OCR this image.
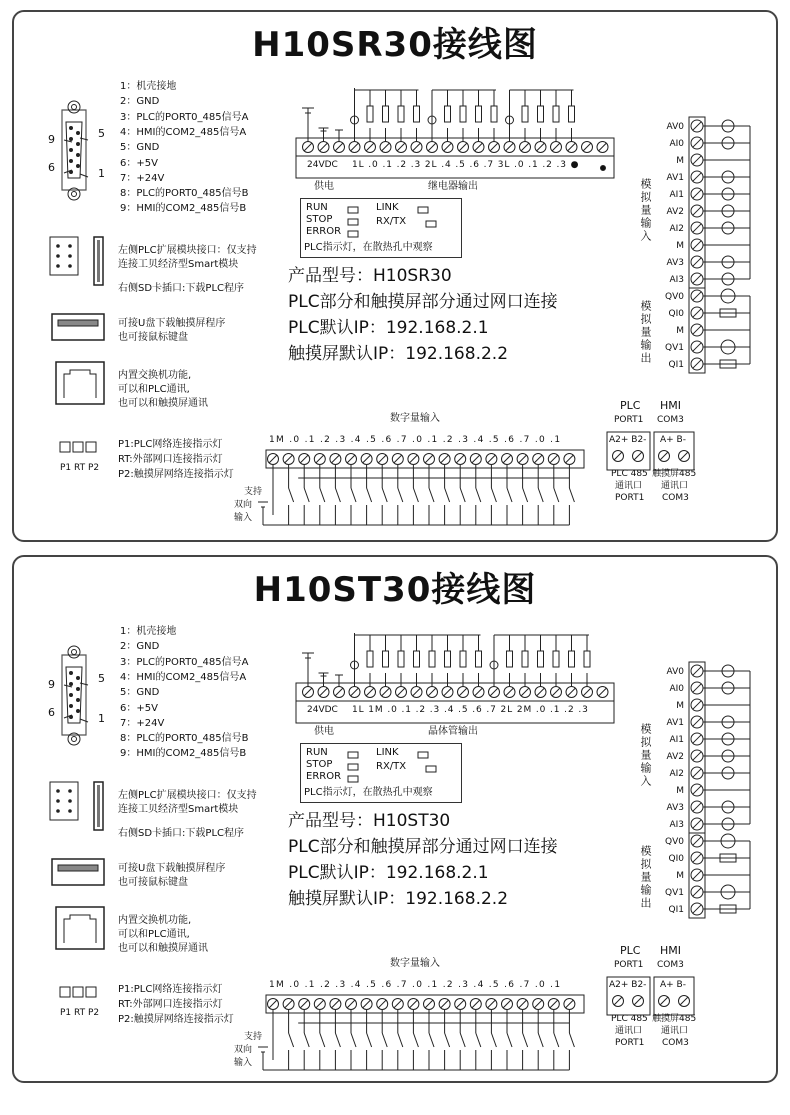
H10SR30接线图
1：机壳接地
2：GND
3：PLC的PORT0_485信号A
4：HMI的COM2_485信号A
5：GND
6：+5V
7：+24V
8：PLC的PORT0_485信号B
9：HMI的COM2_485信号B
9	5
6	1
24VDC 1L .0 .1 .2 .3 2L .4 .5 .6 .7 3L .0 .1 .2 .3 ●
供电	继电器输出
RUN
STOP
ERROR
LINK
RX/TX
PLC指示灯，在散热孔中观察
产品型号：H10SR30
PLC部分和触摸屏部分通过网口连接
PLC默认IP：192.168.2.1
触摸屏默认IP：192.168.2.2
左侧PLC扩展模块接口：仅支持
连接工贝经济型Smart模块
右侧SD卡插口:下载PLC程序
可接U盘下载触摸屏程序
也可接鼠标键盘
内置交换机功能,
可以和PLC通讯,
也可以和触摸屏通讯
P1 RT P2
P1:PLC网络连接指示灯
RT:外部网口连接指示灯
P2:触摸屏网络连接指示灯
数字量输入
1M .0 .1 .2 .3 .4 .5 .6 .7 .0 .1 .2 .3 .4 .5 .6 .7 .0 .1
支持
双向
输入
PLC
PORT1
HMI
COM3
A2+ B2- A+ B-
PLC 485
通讯口
PORT1
触摸屏485
通讯口
COM3
AV0
AI0
M
AV1
AI1
AV2
AI2
M
AV3
AI3
QV0
QI0
M
QV1
QI1
模拟量输入
模拟量输出
H10ST30接线图
1：机壳接地
2：GND
3：PLC的PORT0_485信号A
4：HMI的COM2_485信号A
5：GND
6：+5V
7：+24V
8：PLC的PORT0_485信号B
9：HMI的COM2_485信号B
9	5
6	1
24VDC 1L 1M .0 .1 .2 .3 .4 .5 .6 .7 2L 2M .0 .1 .2 .3
供电	晶体管输出
RUN
STOP
ERROR
LINK
RX/TX
PLC指示灯，在散热孔中观察
产品型号：H10ST30
PLC部分和触摸屏部分通过网口连接
PLC默认IP：192.168.2.1
触摸屏默认IP：192.168.2.2
左侧PLC扩展模块接口：仅支持
连接工贝经济型Smart模块
右侧SD卡插口:下载PLC程序
可接U盘下载触摸屏程序
也可接鼠标键盘
内置交换机功能,
可以和PLC通讯,
也可以和触摸屏通讯
P1 RT P2
P1:PLC网络连接指示灯
RT:外部网口连接指示灯
P2:触摸屏网络连接指示灯
数字量输入
1M .0 .1 .2 .3 .4 .5 .6 .7 .0 .1 .2 .3 .4 .5 .6 .7 .0 .1
支持
双向
输入
PLC
PORT1
HMI
COM3
A2+ B2- A+ B-
PLC 485
通讯口
PORT1
触摸屏485
通讯口
COM3
AV0
AI0
M
AV1
AI1
AV2
AI2
M
AV3
AI3
QV0
QI0
M
QV1
QI1
模拟量输入
模拟量输出
